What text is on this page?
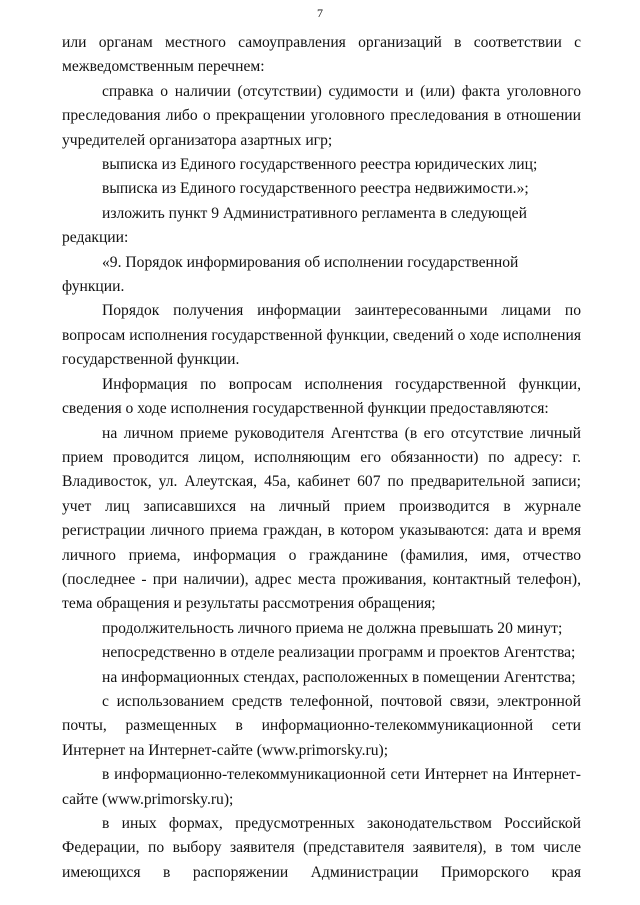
7

или органам местного самоуправления организаций в соответствии с межведомственным перечнем:

справка о наличии (отсутствии) судимости и (или) факта уголовного преследования либо о прекращении уголовного преследования в отношении учредителей организатора азартных игр;

выписка из Единого государственного реестра юридических лиц;

выписка из Единого государственного реестра недвижимости.»;

изложить пункт 9 Административного регламента в следующей редакции:

«9. Порядок информирования об исполнении государственной функции.

Порядок получения информации заинтересованными лицами по вопросам исполнения государственной функции, сведений о ходе исполнения государственной функции.

Информация по вопросам исполнения государственной функции, сведения о ходе исполнения государственной функции предоставляются:

на личном приеме руководителя Агентства (в его отсутствие личный прием проводится лицом, исполняющим его обязанности) по адресу: г. Владивосток, ул. Алеутская, 45а, кабинет 607 по предварительной записи; учет лиц записавшихся на личный прием производится в журнале регистрации личного приема граждан, в котором указываются: дата и время личного приема, информация о гражданине (фамилия, имя, отчество (последнее - при наличии), адрес места проживания, контактный телефон), тема обращения и результаты рассмотрения обращения;

продолжительность личного приема не должна превышать 20 минут;

непосредственно в отделе реализации программ и проектов Агентства;

на информационных стендах, расположенных в помещении Агентства;

с использованием средств телефонной, почтовой связи, электронной почты, размещенных в информационно-телекоммуникационной сети Интернет на Интернет-сайте (www.primorsky.ru);

в информационно-телекоммуникационной сети Интернет на Интернет-сайте (www.primorsky.ru);

в иных формах, предусмотренных законодательством Российской Федерации, по выбору заявителя (представителя заявителя), в том числе имеющихся в распоряжении Администрации Приморского края
